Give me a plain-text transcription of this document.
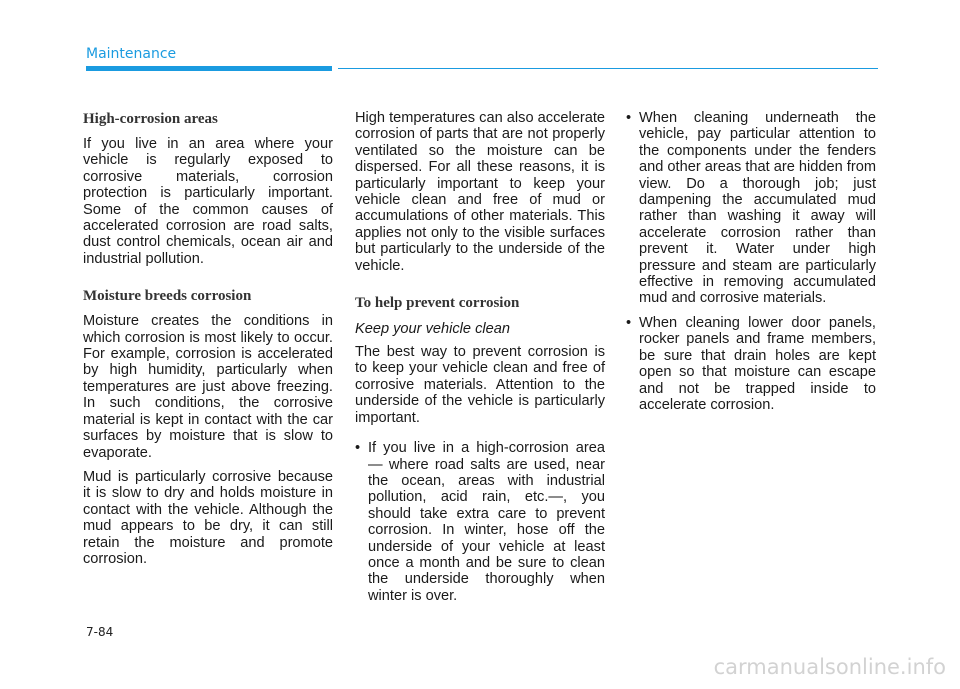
Maintenance
High-corrosion areas

If you live in an area where your vehicle is regularly exposed to corrosive materials, corrosion protection is particularly important. Some of the common causes of accelerated corrosion are road salts, dust control chemicals, ocean air and industrial pollution.

Moisture breeds corrosion

Moisture creates the conditions in which corrosion is most likely to occur. For example, corrosion is accelerated by high humidity, particularly when temperatures are just above freezing. In such conditions, the corrosive material is kept in contact with the car surfaces by moisture that is slow to evaporate.

Mud is particularly corrosive because it is slow to dry and holds moisture in contact with the vehicle. Although the mud appears to be dry, it can still retain the moisture and promote corrosion.

High temperatures can also accelerate corrosion of parts that are not properly ventilated so the moisture can be dispersed. For all these reasons, it is particularly important to keep your vehicle clean and free of mud or accumulations of other materials. This applies not only to the visible surfaces but particularly to the underside of the vehicle.

To help prevent corrosion
Keep your vehicle clean

The best way to prevent corrosion is to keep your vehicle clean and free of corrosive materials. Attention to the underside of the vehicle is particularly important.

• If you live in a high-corrosion area — where road salts are used, near the ocean, areas with industrial pollution, acid rain, etc.—, you should take extra care to prevent corrosion. In winter, hose off the underside of your vehicle at least once a month and be sure to clean the underside thoroughly when winter is over.
• When cleaning underneath the vehicle, pay particular attention to the components under the fenders and other areas that are hidden from view. Do a thorough job; just dampening the accumulated mud rather than washing it away will accelerate corrosion rather than prevent it. Water under high pressure and steam are particularly effective in removing accumulated mud and corrosive materials.
• When cleaning lower door panels, rocker panels and frame members, be sure that drain holes are kept open so that moisture can escape and not be trapped inside to accelerate corrosion.
7-84
carmanualsonline.info
